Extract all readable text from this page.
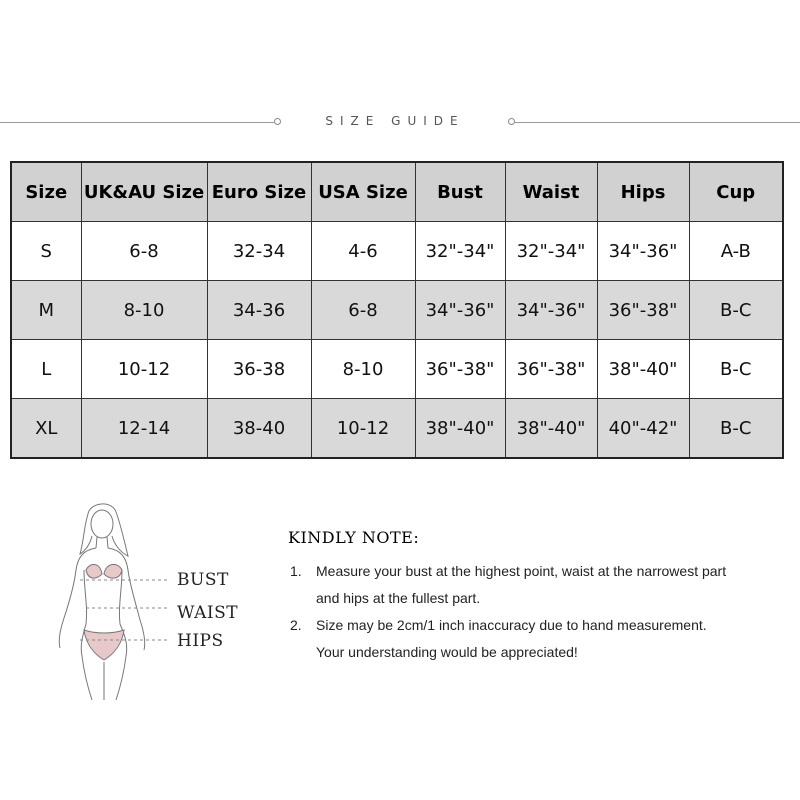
SIZE GUIDE
Size	UK&AU Size	Euro Size	USA Size	Bust	Waist	Hips	Cup
S	6-8	32-34	4-6	32"-34"	32"-34"	34"-36"	A-B
M	8-10	34-36	6-8	34"-36"	34"-36"	36"-38"	B-C
L	10-12	36-38	8-10	36"-38"	36"-38"	38"-40"	B-C
XL	12-14	38-40	10-12	38"-40"	38"-40"	40"-42"	B-C
BUST
WAIST
HIPS
KINDLY NOTE:
1. Measure your bust at the highest point, waist at the narrowest part
and hips at the fullest part.
2. Size may be 2cm/1 inch inaccuracy due to hand measurement.
Your understanding would be appreciated!
